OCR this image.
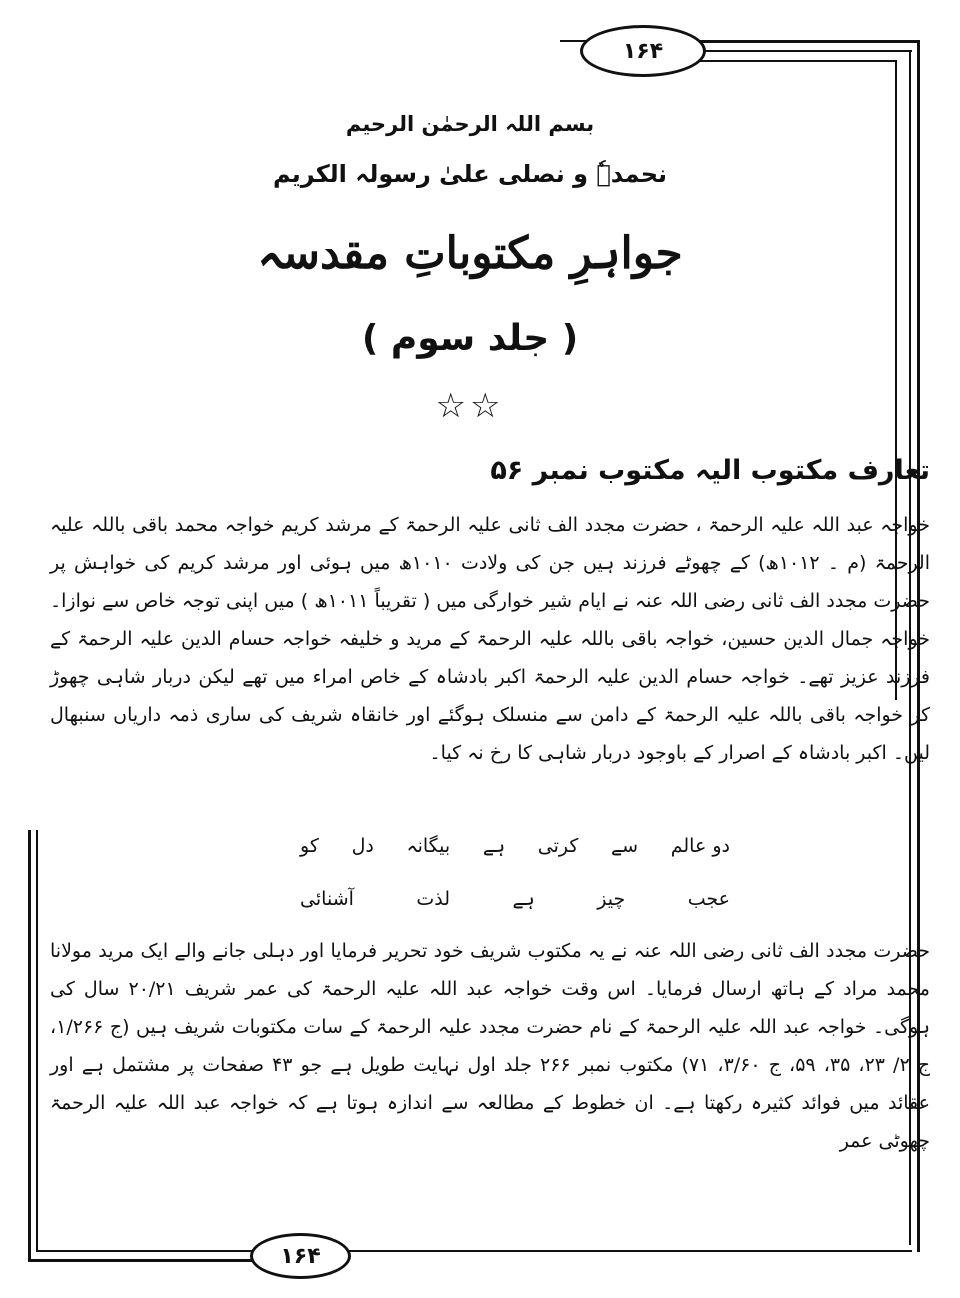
۱۶۴
۱۶۴
بسم اللہ الرحمٰن الرحیم
نحمدہٗ و نصلی علیٰ رسولہ الکریم
جواہرِ مکتوباتِ مقدسہ
( جلد سوم )
☆☆
تعارف مکتوب الیہ مکتوب نمبر ۵۶
خواجہ عبد اللہ علیہ الرحمۃ ، حضرت مجدد الف ثانی علیہ الرحمۃ کے مرشد کریم خواجہ محمد باقی باللہ علیہ الرحمۃ (م ۔ ۱۰۱۲ھ) کے چھوٹے فرزند ہیں جن کی ولادت ۱۰۱۰ھ میں ہوئی اور مرشد کریم کی خواہش پر حضرت مجدد الف ثانی رضی اللہ عنہ نے ایام شیر خوارگی میں ( تقریباً ۱۰۱۱ھ ) میں اپنی توجہ خاص سے نوازا۔ خواجہ جمال الدین حسین، خواجہ باقی باللہ علیہ الرحمۃ کے مرید و خلیفہ خواجہ حسام الدین علیہ الرحمۃ کے فرزند عزیز تھے۔ خواجہ حسام الدین علیہ الرحمۃ اکبر بادشاہ کے خاص امراء میں تھے لیکن دربار شاہی چھوڑ کر خواجہ باقی باللہ علیہ الرحمۃ کے دامن سے منسلک ہوگئے اور خانقاہ شریف کی ساری ذمہ داریاں سنبھال لیں۔ اکبر بادشاہ کے اصرار کے باوجود دربار شاہی کا رخ نہ کیا۔
دو عالم
سے
کرتی
ہے
بیگانہ
دل
کو
عجب
چیز
ہے
لذت
آشنائی
حضرت مجدد الف ثانی رضی اللہ عنہ نے یہ مکتوب شریف خود تحریر فرمایا اور دہلی جانے والے ایک مرید مولانا محمد مراد کے ہاتھ ارسال فرمایا۔ اس وقت خواجہ عبد اللہ علیہ الرحمۃ کی عمر شریف ۲۰/۲۱ سال کی ہوگی۔ خواجہ عبد اللہ علیہ الرحمۃ کے نام حضرت مجدد علیہ الرحمۃ کے سات مکتوبات شریف ہیں (ج ۱/۲۶۶، ج ۲/ ۲۳، ۳۵، ۵۹، ج ۳/۶۰، ۷۱) مکتوب نمبر ۲۶۶ جلد اول نہایت طویل ہے جو ۴۳ صفحات پر مشتمل ہے اور عقائد میں فوائد کثیرہ رکھتا ہے۔ ان خطوط کے مطالعہ سے اندازہ ہوتا ہے کہ خواجہ عبد اللہ علیہ الرحمۃ چھوٹی عمر
